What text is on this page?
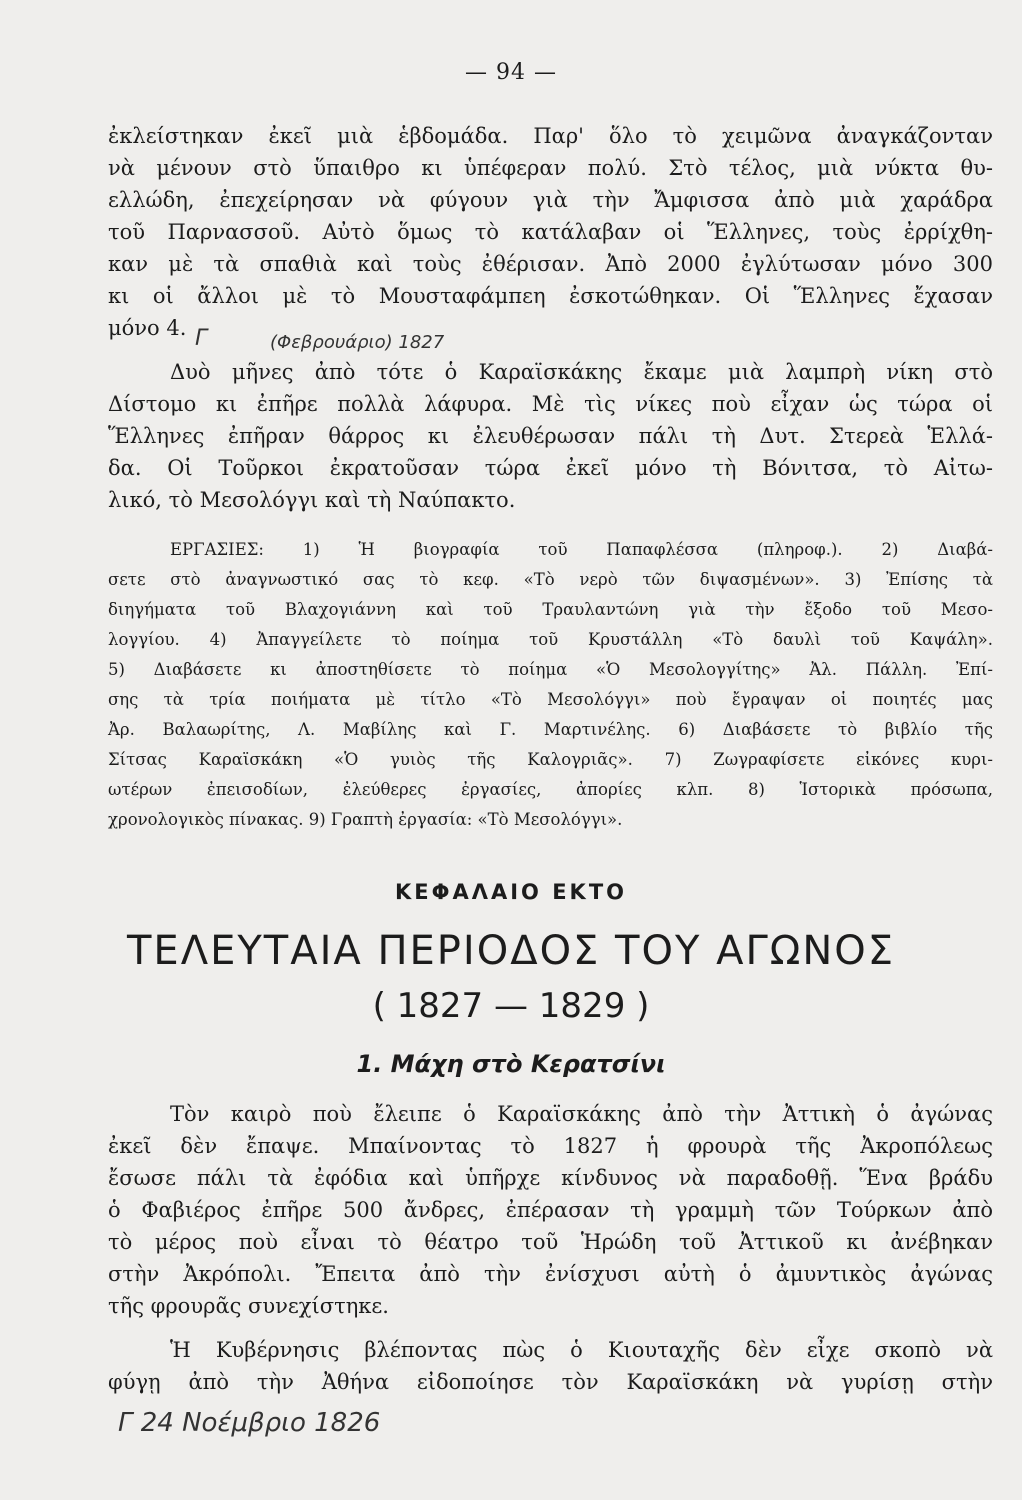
— 94 —
ἐκλείστηκαν ἐκεῖ μιὰ ἑβδομάδα. Παρ' ὅλο τὸ χειμῶνα ἀναγκάζονταν
νὰ μένουν στὸ ὕπαιθρο κι ὑπέφεραν πολύ. Στὸ τέλος, μιὰ νύκτα θυ-
ελλώδη, ἐπεχείρησαν νὰ φύγουν γιὰ τὴν Ἄμφισσα ἀπὸ μιὰ χαράδρα
τοῦ Παρνασσοῦ. Αὐτὸ ὅμως τὸ κατάλαβαν οἱ Ἕλληνες, τοὺς ἐρρίχθη-
καν μὲ τὰ σπαθιὰ καὶ τοὺς ἐθέρισαν. Ἀπὸ 2000 ἐγλύτωσαν μόνο 300
κι οἱ ἄλλοι μὲ τὸ Μουσταφάμπεη ἐσκοτώθηκαν. Οἱ Ἕλληνες ἔχασαν
μόνο 4. Γ	(Φεβρουάριο) 1827
Δυὸ μῆνες ἀπὸ τότε ὁ Καραϊσκάκης ἔκαμε μιὰ λαμπρὴ νίκη στὸ
Δίστομο κι ἐπῆρε πολλὰ λάφυρα. Μὲ τὶς νίκες ποὺ εἶχαν ὡς τώρα οἱ
Ἕλληνες ἐπῆραν θάρρος κι ἐλευθέρωσαν πάλι τὴ Δυτ. Στερεὰ Ἑλλά-
δα. Οἱ Τοῦρκοι ἐκρατοῦσαν τώρα ἐκεῖ μόνο τὴ Βόνιτσα, τὸ Αἰτω-
λικό, τὸ Μεσολόγγι καὶ τὴ Ναύπακτο.
ΕΡΓΑΣΙΕΣ: 1) Ἡ βιογραφία τοῦ Παπαφλέσσα (πληροφ.). 2) Διαβά-
σετε στὸ ἀναγνωστικό σας τὸ κεφ. «Τὸ νερὸ τῶν διψασμένων». 3) Ἐπίσης τὰ
διηγήματα τοῦ Βλαχογιάννη καὶ τοῦ Τραυλαντώνη γιὰ τὴν ἔξοδο τοῦ Μεσο-
λογγίου. 4) Ἀπαγγείλετε τὸ ποίημα τοῦ Κρυστάλλη «Τὸ δαυλὶ τοῦ Καψάλη».
5) Διαβάσετε κι ἀποστηθίσετε τὸ ποίημα «Ὁ Μεσολογγίτης» Ἀλ. Πάλλη. Ἐπί-
σης τὰ τρία ποιήματα μὲ τίτλο «Τὸ Μεσολόγγι» ποὺ ἔγραψαν οἱ ποιητές μας
Ἀρ. Βαλαωρίτης, Λ. Μαβίλης καὶ Γ. Μαρτινέλης. 6) Διαβάσετε τὸ βιβλίο τῆς
Σίτσας Καραϊσκάκη «Ὁ γυιὸς τῆς Καλογριᾶς». 7) Ζωγραφίσετε εἰκόνες κυρι-
ωτέρων ἐπεισοδίων, ἐλεύθερες ἐργασίες, ἀπορίες κλπ. 8) Ἱστορικὰ πρόσωπα,
χρονολογικὸς πίνακας. 9) Γραπτὴ ἐργασία: «Τὸ Μεσολόγγι».
ΚΕΦΑΛΑΙΟ ΕΚΤΟ
ΤΕΛΕΥΤΑΙΑ ΠΕΡΙΟΔΟΣ ΤΟΥ ΑΓΩΝΟΣ
( 1827 — 1829 )
1. Μάχη στὸ Κερατσίνι
Τὸν καιρὸ ποὺ ἔλειπε ὁ Καραϊσκάκης ἀπὸ τὴν Ἀττικὴ ὁ ἀγώνας
ἐκεῖ δὲν ἔπαψε. Μπαίνοντας τὸ 1827 ἡ φρουρὰ τῆς Ἀκροπόλεως
ἔσωσε πάλι τὰ ἐφόδια καὶ ὑπῆρχε κίνδυνος νὰ παραδοθῇ. Ἕνα βράδυ
ὁ Φαβιέρος ἐπῆρε 500 ἄνδρες, ἐπέρασαν τὴ γραμμὴ τῶν Τούρκων ἀπὸ
τὸ μέρος ποὺ εἶναι τὸ θέατρο τοῦ Ἡρώδη τοῦ Ἀττικοῦ κι ἀνέβηκαν
στὴν Ἀκρόπολι. Ἔπειτα ἀπὸ τὴν ἐνίσχυσι αὐτὴ ὁ ἀμυντικὸς ἀγώνας
τῆς φρουρᾶς συνεχίστηκε.
Ἡ Κυβέρνησις βλέποντας πὼς ὁ Κιουταχῆς δὲν εἶχε σκοπὸ νὰ
φύγῃ ἀπὸ τὴν Ἀθήνα εἰδοποίησε τὸν Καραϊσκάκη νὰ γυρίσῃ στὴν
Γ 24 Νοέμβριο 1826
